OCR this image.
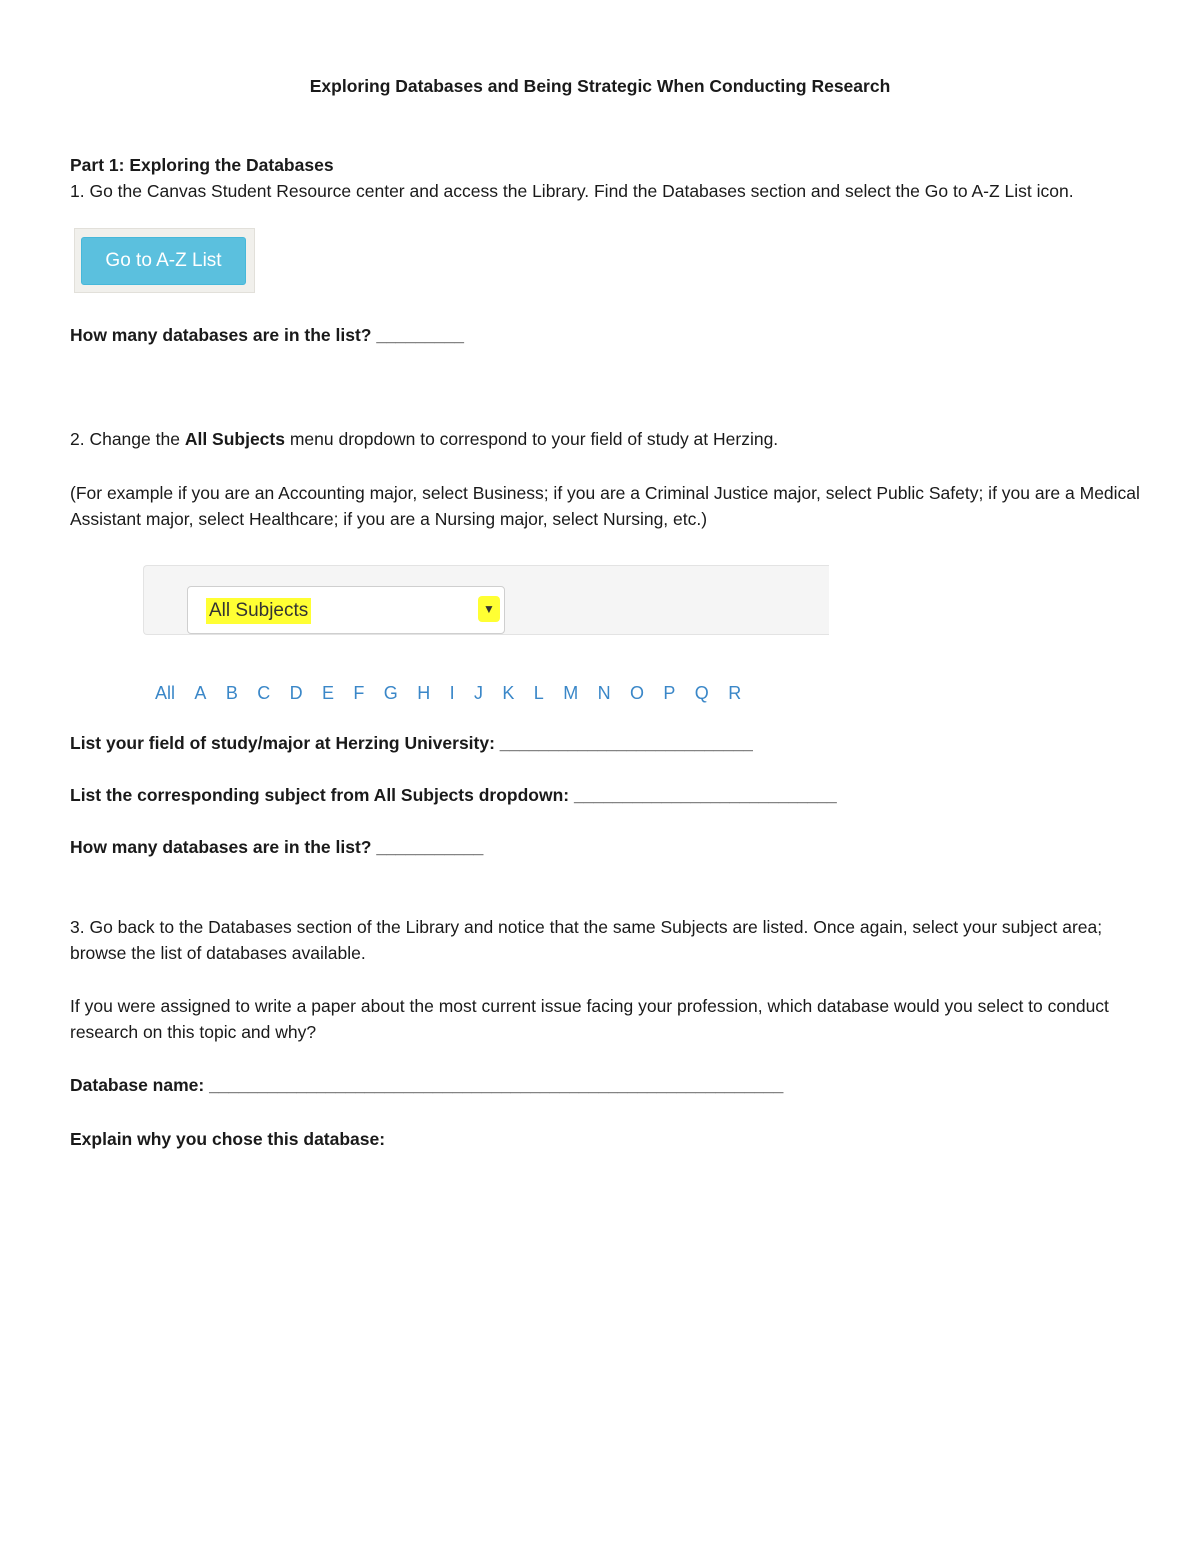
Exploring Databases and Being Strategic When Conducting Research
Part 1: Exploring the Databases
1. Go the Canvas Student Resource center and access the Library. Find the Databases section and select the Go to A-Z List icon.
Go to A-Z List
How many databases are in the list? _________
2. Change the All Subjects menu dropdown to correspond to your field of study at Herzing.
(For example if you are an Accounting major, select Business; if you are a Criminal Justice major, select Public Safety; if you are a Medical Assistant major, select Healthcare; if you are a Nursing major, select Nursing, etc.)
All Subjects	▼
All A B C D E F G H I J K L M N O P Q R
List your field of study/major at Herzing University: __________________________
List the corresponding subject from All Subjects dropdown: ___________________________
How many databases are in the list? ___________
3. Go back to the Databases section of the Library and notice that the same Subjects are listed. Once again, select your subject area; browse the list of databases available.
If you were assigned to write a paper about the most current issue facing your profession, which database would you select to conduct research on this topic and why?
Database name: ___________________________________________________________
Explain why you chose this database:
